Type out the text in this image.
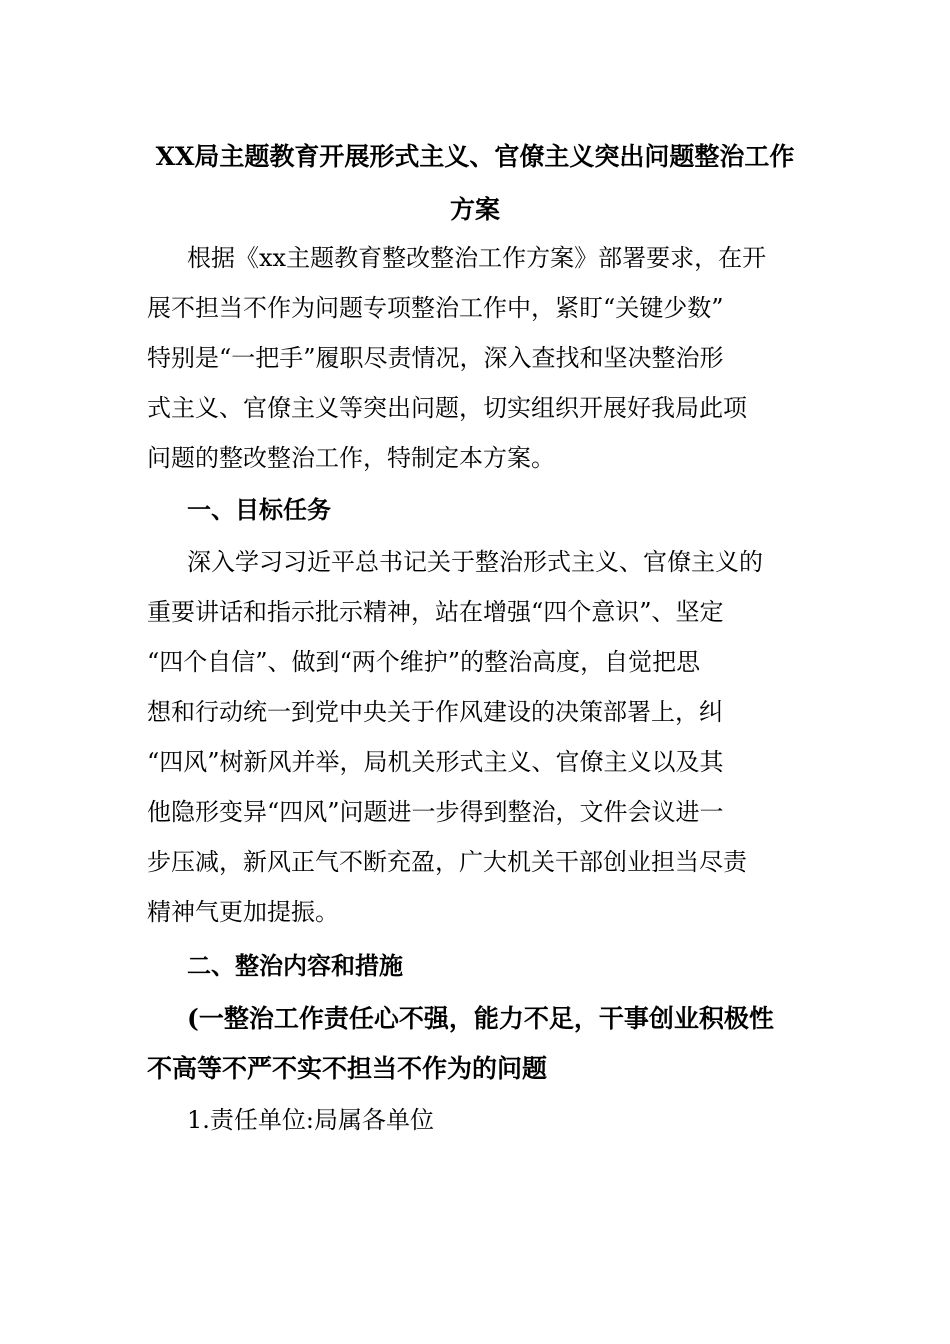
XX局主题教育开展形式主义、官僚主义突出问题整治工作
方案
根据《xx主题教育整改整治工作方案》部署要求，在开
展不担当不作为问题专项整治工作中，紧盯“关键少数”
特别是“一把手”履职尽责情况，深入查找和坚决整治形
式主义、官僚主义等突出问题，切实组织开展好我局此项
问题的整改整治工作，特制定本方案。
一、目标任务
深入学习习近平总书记关于整治形式主义、官僚主义的
重要讲话和指示批示精神，站在增强“四个意识”、坚定
“四个自信”、做到“两个维护”的整治高度，自觉把思
想和行动统一到党中央关于作风建设的决策部署上，纠
“四风”树新风并举，局机关形式主义、官僚主义以及其
他隐形变异“四风”问题进一步得到整治，文件会议进一
步压减，新风正气不断充盈，广大机关干部创业担当尽责
精神气更加提振。
二、整治内容和措施
(一整治工作责任心不强，能力不足，干事创业积极性
不高等不严不实不担当不作为的问题
1.责任单位:局属各单位
